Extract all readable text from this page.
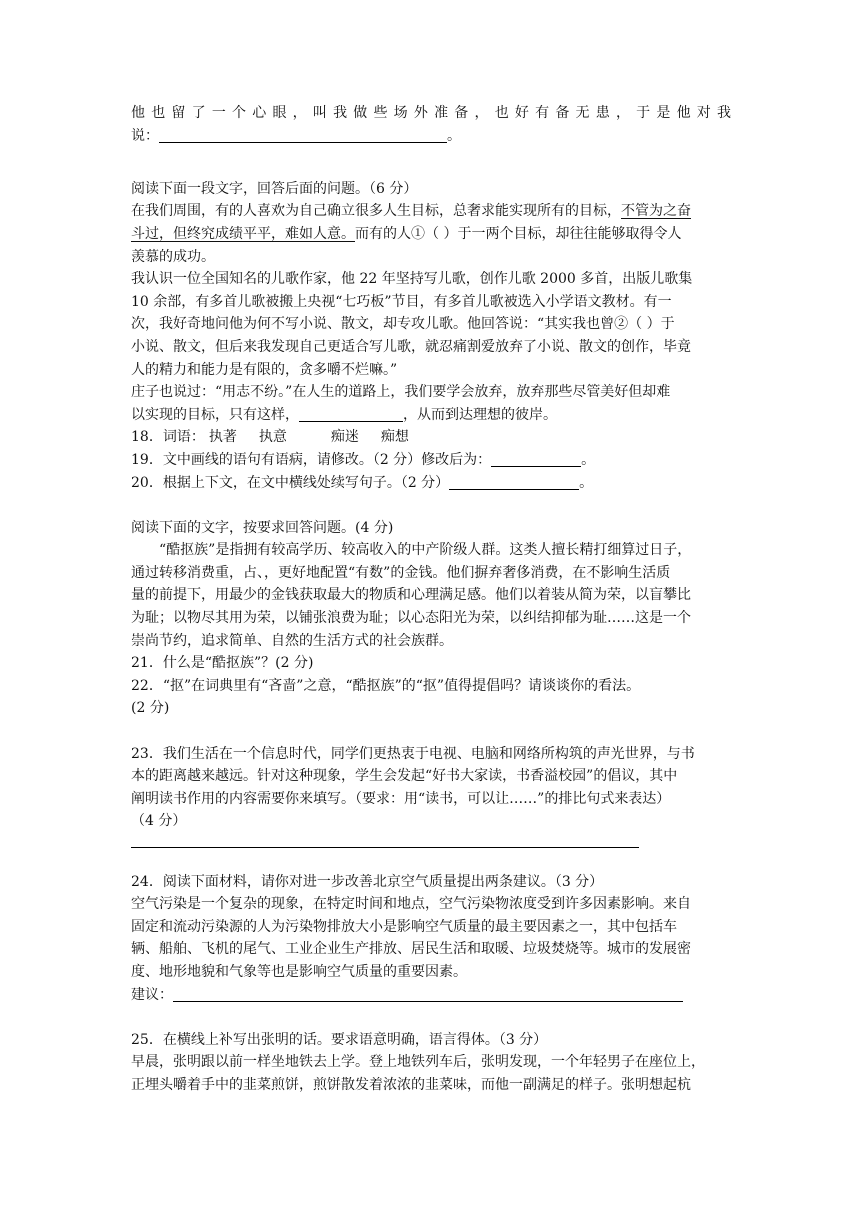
他 也 留 了 一 个 心 眼 ， 叫 我 做 些 场 外 准 备 ， 也 好 有 备 无 患 ， 于 是 他 对 我
说：	。
阅读下面一段文字，回答后面的问题。（6 分）
在我们周围，有的人喜欢为自己确立很多人生目标，总奢求能实现所有的目标，不管为之奋
斗过，但终究成绩平平，难如人意。而有的人①（ ）于一两个目标，却往往能够取得令人
羡慕的成功。
我认识一位全国知名的儿歌作家，他 22 年坚持写儿歌，创作儿歌 2000 多首，出版儿歌集
10 余部，有多首儿歌被搬上央视“七巧板”节目，有多首儿歌被选入小学语文教材。有一
次，我好奇地问他为何不写小说、散文，却专攻儿歌。他回答说：“其实我也曾②（ ）于
小说、散文，但后来我发现自己更适合写儿歌，就忍痛割爱放弃了小说、散文的创作，毕竟
人的精力和能力是有限的，贪多嚼不烂嘛。”
庄子也说过：“用志不纷。”在人生的道路上，我们要学会放弃，放弃那些尽管美好但却难
以实现的目标，只有这样，	，从而到达理想的彼岸。
18．词语： 执著 执意	痴迷 痴想
19．文中画线的语句有语病，请修改。（2 分）修改后为：	。
20．根据上下文，在文中横线处续写句子。（2 分）	。
阅读下面的文字，按要求回答问题。(4 分)
“酷抠族”是指拥有较高学历、较高收入的中产阶级人群。这类人擅长精打细算过日子，
通过转移消费重，占、，更好地配置“有数”的金钱。他们摒弃奢侈消费，在不影响生活质
量的前提下，用最少的金钱获取最大的物质和心理满足感。他们以着装从简为荣，以盲攀比
为耻；以物尽其用为荣，以铺张浪费为耻；以心态阳光为荣，以纠结抑郁为耻……这是一个
崇尚节约，追求简单、自然的生活方式的社会族群。
21．什么是“酷抠族”？(2 分)
22．“抠”在词典里有“吝啬”之意，“酷抠族”的“抠”值得提倡吗？请谈谈你的看法。
(2 分)
23．我们生活在一个信息时代，同学们更热衷于电视、电脑和网络所构筑的声光世界，与书
本的距离越来越远。针对这种现象，学生会发起“好书大家读，书香溢校园”的倡议，其中
阐明读书作用的内容需要你来填写。（要求：用“读书，可以让……”的排比句式来表达）
（4 分）
24．阅读下面材料，请你对进一步改善北京空气质量提出两条建议。（3 分）
空气污染是一个复杂的现象，在特定时间和地点，空气污染物浓度受到许多因素影响。来自
固定和流动污染源的人为污染物排放大小是影响空气质量的最主要因素之一，其中包括车
辆、船舶、飞机的尾气、工业企业生产排放、居民生活和取暖、垃圾焚烧等。城市的发展密
度、地形地貌和气象等也是影响空气质量的重要因素。
建议：
25．在横线上补写出张明的话。要求语意明确，语言得体。（3 分）
早晨，张明跟以前一样坐地铁去上学。登上地铁列车后，张明发现，一个年轻男子在座位上，
正埋头嚼着手中的韭菜煎饼，煎饼散发着浓浓的韭菜味，而他一副满足的样子。张明想起杭
